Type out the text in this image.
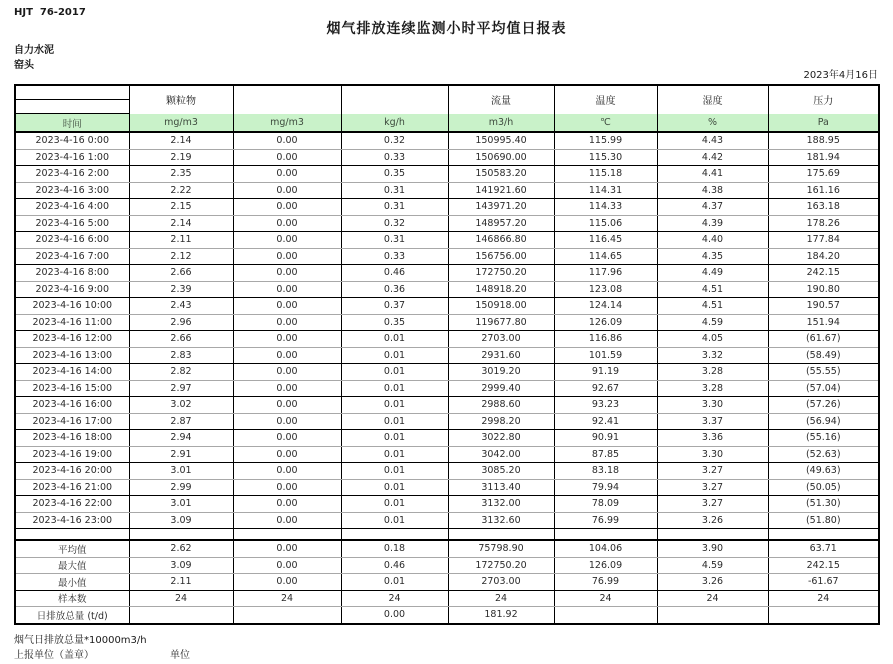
HJT  76-2017
烟气排放连续监测小时平均值日报表
自力水泥
窑头
2023年4月16日
	颗粒物			流量	温度	湿度	压力

时间	mg/m3	mg/m3	kg/h	m3/h	℃	%	Pa
2023-4-16 0:00	2.14	0.00	0.32	150995.40	115.99	4.43	188.95
2023-4-16 1:00	2.19	0.00	0.33	150690.00	115.30	4.42	181.94
2023-4-16 2:00	2.35	0.00	0.35	150583.20	115.18	4.41	175.69
2023-4-16 3:00	2.22	0.00	0.31	141921.60	114.31	4.38	161.16
2023-4-16 4:00	2.15	0.00	0.31	143971.20	114.33	4.37	163.18
2023-4-16 5:00	2.14	0.00	0.32	148957.20	115.06	4.39	178.26
2023-4-16 6:00	2.11	0.00	0.31	146866.80	116.45	4.40	177.84
2023-4-16 7:00	2.12	0.00	0.33	156756.00	114.65	4.35	184.20
2023-4-16 8:00	2.66	0.00	0.46	172750.20	117.96	4.49	242.15
2023-4-16 9:00	2.39	0.00	0.36	148918.20	123.08	4.51	190.80
2023-4-16 10:00	2.43	0.00	0.37	150918.00	124.14	4.51	190.57
2023-4-16 11:00	2.96	0.00	0.35	119677.80	126.09	4.59	151.94
2023-4-16 12:00	2.66	0.00	0.01	2703.00	116.86	4.05	(61.67)
2023-4-16 13:00	2.83	0.00	0.01	2931.60	101.59	3.32	(58.49)
2023-4-16 14:00	2.82	0.00	0.01	3019.20	91.19	3.28	(55.55)
2023-4-16 15:00	2.97	0.00	0.01	2999.40	92.67	3.28	(57.04)
2023-4-16 16:00	3.02	0.00	0.01	2988.60	93.23	3.30	(57.26)
2023-4-16 17:00	2.87	0.00	0.01	2998.20	92.41	3.37	(56.94)
2023-4-16 18:00	2.94	0.00	0.01	3022.80	90.91	3.36	(55.16)
2023-4-16 19:00	2.91	0.00	0.01	3042.00	87.85	3.30	(52.63)
2023-4-16 20:00	3.01	0.00	0.01	3085.20	83.18	3.27	(49.63)
2023-4-16 21:00	2.99	0.00	0.01	3113.40	79.94	3.27	(50.05)
2023-4-16 22:00	3.01	0.00	0.01	3132.00	78.09	3.27	(51.30)
2023-4-16 23:00	3.09	0.00	0.01	3132.60	76.99	3.26	(51.80)

平均值	2.62	0.00	0.18	75798.90	104.06	3.90	63.71
最大值	3.09	0.00	0.46	172750.20	126.09	4.59	242.15
最小值	2.11	0.00	0.01	2703.00	76.99	3.26	-61.67
样本数	24	24	24	24	24	24	24
日排放总量 (t/d)			0.00	181.92			
烟气日排放总量*10000m3/h
上报单位（盖章）	单位
